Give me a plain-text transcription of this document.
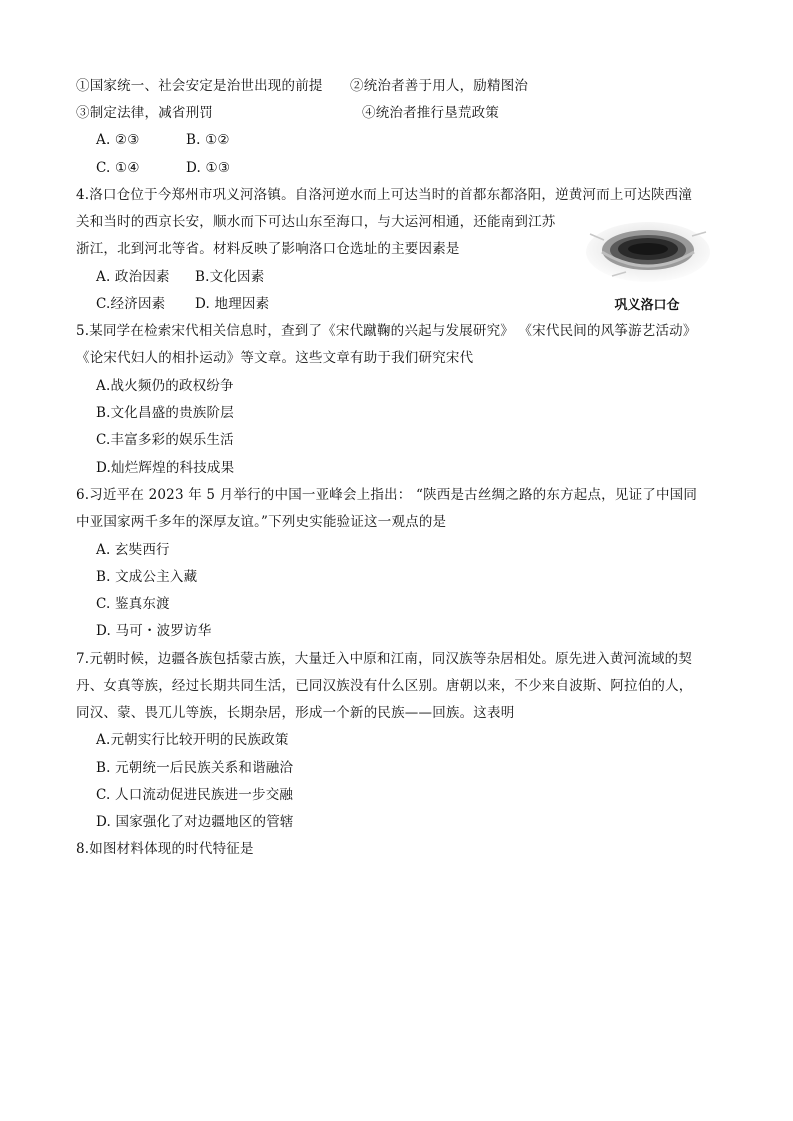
①国家统一、社会安定是治世出现的前提 ②统治者善于用人，励精图治
③制定法律，减省刑罚	④统治者推行垦荒政策
A. ②③	B. ①②
C. ①④	D. ①③
4.洛口仓位于今郑州市巩义河洛镇。自洛河逆水而上可达当时的首都东都洛阳，逆黄河而上可达陕西潼
关和当时的西京长安，顺水而下可达山东至海口，与大运河相通，还能南到江苏
浙江，北到河北等省。材料反映了影响洛口仓选址的主要因素是
A. 政治因素 B.文化因素
C.经济因素 D. 地理因素	巩义洛口仓
5.某同学在检索宋代相关信息时，查到了《宋代蹴鞠的兴起与发展研究》 《宋代民间的风筝游艺活动》
《论宋代妇人的相扑运动》等文章。这些文章有助于我们研究宋代
A.战火频仍的政权纷争
B.文化昌盛的贵族阶层
C.丰富多彩的娱乐生活
D.灿烂辉煌的科技成果
6.习近平在 2023 年 5 月举行的中国一亚峰会上指出： “陕西是古丝绸之路的东方起点，见证了中国同
中亚国家两千多年的深厚友谊。”下列史实能验证这一观点的是
A. 玄奘西行
B. 文成公主入藏
C. 鉴真东渡
D. 马可・波罗访华
7.元朝时候，边疆各族包括蒙古族，大量迁入中原和江南，同汉族等杂居相处。原先进入黄河流域的契
丹、女真等族，经过长期共同生活，已同汉族没有什么区别。唐朝以来，不少来自波斯、阿拉伯的人，
同汉、蒙、畏兀儿等族，长期杂居，形成一个新的民族——回族。这表明
A.元朝实行比较开明的民族政策
B. 元朝统一后民族关系和谐融洽
C. 人口流动促进民族进一步交融
D. 国家强化了对边疆地区的管辖
8.如图材料体现的时代特征是
